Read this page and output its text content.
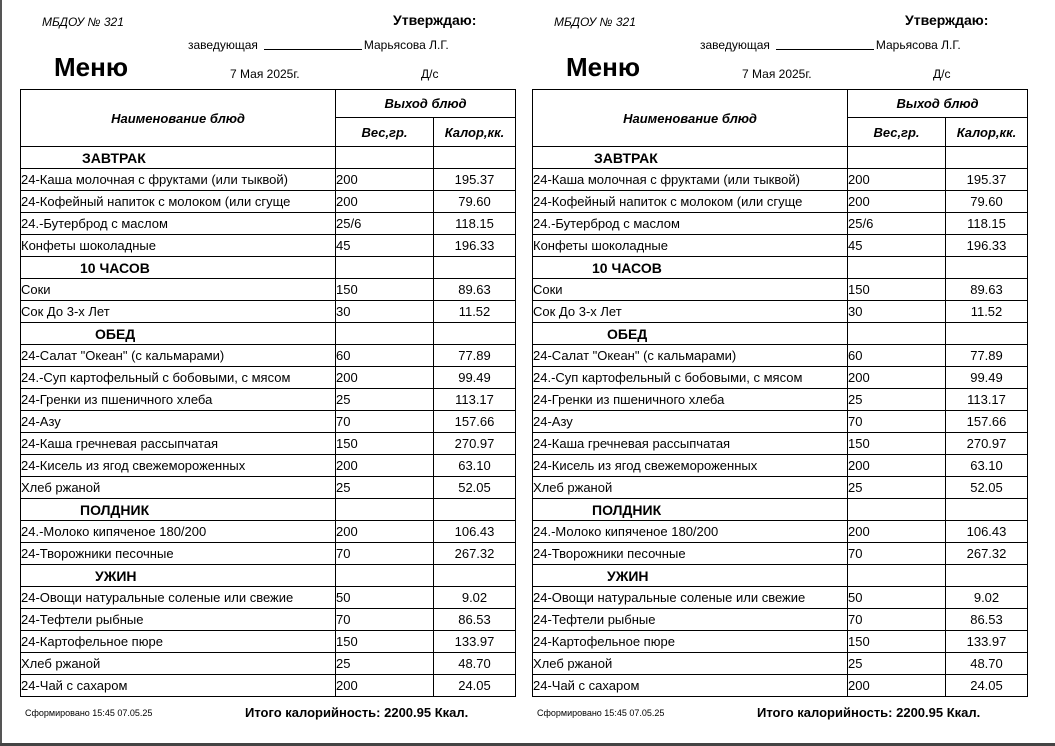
МБДОУ № 321	Утверждаю:
заведующая	Марьясова Л.Г.
Меню	7 Мая 2025г.	Д/с
Наименование блюд	Выход блюд	
	Вес,гр.	Калор,кк.
ЗАВТРАК		
24-Каша молочная с фруктами (или тыквой)	200	195.37
24-Кофейный напиток с молоком (или сгуще	200	79.60
24.-Бутерброд с маслом	25/6	118.15
Конфеты шоколадные	45	196.33
10 ЧАСОВ		
Соки	150	89.63
Сок До 3-х Лет	30	11.52
ОБЕД		
24-Салат "Океан" (с кальмарами)	60	77.89
24.-Суп картофельный с бобовыми, с мясом	200	99.49
24-Гренки из пшеничного хлеба	25	113.17
24-Азу	70	157.66
24-Каша гречневая рассыпчатая	150	270.97
24-Кисель из ягод свежемороженных	200	63.10
Хлеб ржаной	25	52.05
ПОЛДНИК		
24.-Молоко кипяченое 180/200	200	106.43
24-Творожники песочные	70	267.32
УЖИН		
24-Овощи натуральные соленые или свежие	50	9.02
24-Тефтели рыбные	70	86.53
24-Картофельное пюре	150	133.97
Хлеб ржаной	25	48.70
24-Чай с сахаром	200	24.05
Сформировано 15:45 07.05.25	Итого калорийность: 2200.95 Ккал.
МБДОУ № 321	Утверждаю:
заведующая	Марьясова Л.Г.
Меню	7 Мая 2025г.	Д/с
Наименование блюд	Выход блюд	
	Вес,гр.	Калор,кк.
ЗАВТРАК		
24-Каша молочная с фруктами (или тыквой)	200	195.37
24-Кофейный напиток с молоком (или сгуще	200	79.60
24.-Бутерброд с маслом	25/6	118.15
Конфеты шоколадные	45	196.33
10 ЧАСОВ		
Соки	150	89.63
Сок До 3-х Лет	30	11.52
ОБЕД		
24-Салат "Океан" (с кальмарами)	60	77.89
24.-Суп картофельный с бобовыми, с мясом	200	99.49
24-Гренки из пшеничного хлеба	25	113.17
24-Азу	70	157.66
24-Каша гречневая рассыпчатая	150	270.97
24-Кисель из ягод свежемороженных	200	63.10
Хлеб ржаной	25	52.05
ПОЛДНИК		
24.-Молоко кипяченое 180/200	200	106.43
24-Творожники песочные	70	267.32
УЖИН		
24-Овощи натуральные соленые или свежие	50	9.02
24-Тефтели рыбные	70	86.53
24-Картофельное пюре	150	133.97
Хлеб ржаной	25	48.70
24-Чай с сахаром	200	24.05
Сформировано 15:45 07.05.25	Итого калорийность: 2200.95 Ккал.
